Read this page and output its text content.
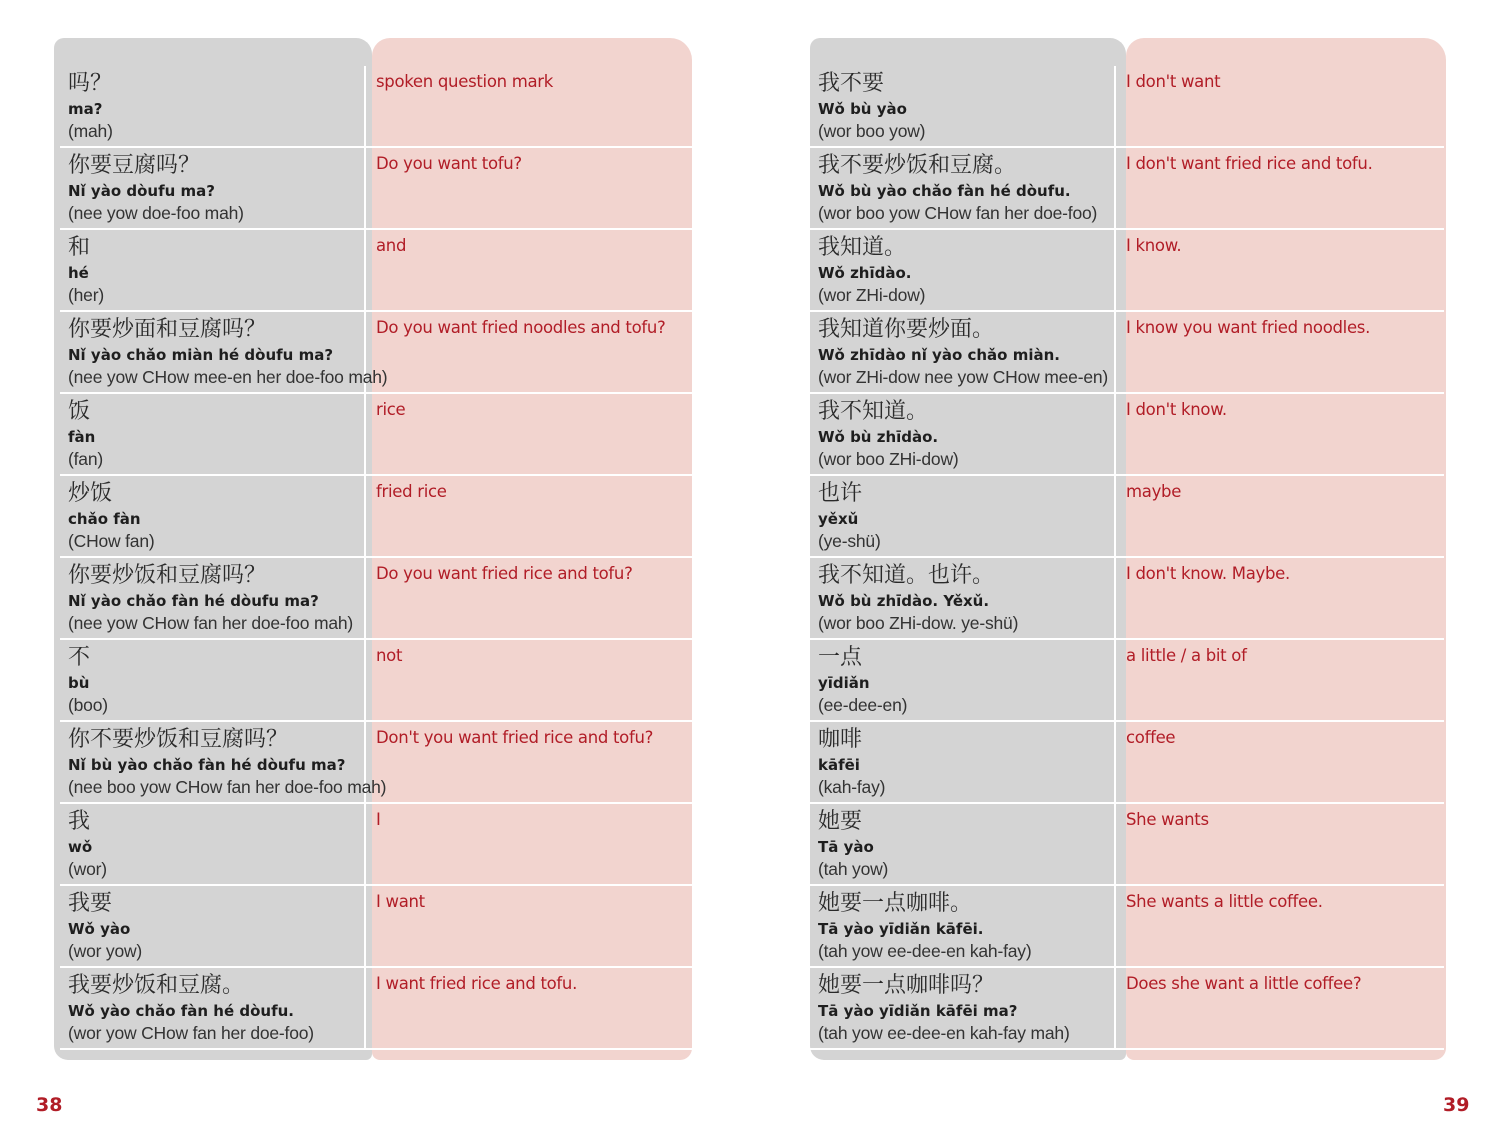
吗？
ma?
(mah)
spoken question mark
你要豆腐吗？
Nǐ yào dòufu ma?
(nee yow doe-foo mah)
Do you want tofu?
和
hé
(her)
and
你要炒面和豆腐吗？
Nǐ yào chǎo miàn hé dòufu ma?
(nee yow CHow mee-en her doe-foo mah)
Do you want fried noodles and tofu?
饭
fàn
(fan)
rice
炒饭
chǎo fàn
(CHow fan)
fried rice
你要炒饭和豆腐吗？
Nǐ yào chǎo fàn hé dòufu ma?
(nee yow CHow fan her doe-foo mah)
Do you want fried rice and tofu?
不
bù
(boo)
not
你不要炒饭和豆腐吗？
Nǐ bù yào chǎo fàn hé dòufu ma?
(nee boo yow CHow fan her doe-foo mah)
Don't you want fried rice and tofu?
我
wǒ
(wor)
I
我要
Wǒ yào
(wor yow)
I want
我要炒饭和豆腐。
Wǒ yào chǎo fàn hé dòufu.
(wor yow CHow fan her doe-foo)
I want fried rice and tofu.
38
我不要
Wǒ bù yào
(wor boo yow)
I don't want
我不要炒饭和豆腐。
Wǒ bù yào chǎo fàn hé dòufu.
(wor boo yow CHow fan her doe-foo)
I don't want fried rice and tofu.
我知道。
Wǒ zhīdào.
(wor ZHi-dow)
I know.
我知道你要炒面。
Wǒ zhīdào nǐ yào chǎo miàn.
(wor ZHi-dow nee yow CHow mee-en)
I know you want fried noodles.
我不知道。
Wǒ bù zhīdào.
(wor boo ZHi-dow)
I don't know.
也许
yěxǔ
(ye-shü)
maybe
我不知道。也许。
Wǒ bù zhīdào. Yěxǔ.
(wor boo ZHi-dow. ye-shü)
I don't know. Maybe.
一点
yīdiǎn
(ee-dee-en)
a little / a bit of
咖啡
kāfēi
(kah-fay)
coffee
她要
Tā yào
(tah yow)
She wants
她要一点咖啡。
Tā yào yīdiǎn kāfēi.
(tah yow ee-dee-en kah-fay)
She wants a little coffee.
她要一点咖啡吗？
Tā yào yīdiǎn kāfēi ma?
(tah yow ee-dee-en kah-fay mah)
Does she want a little coffee?
39
